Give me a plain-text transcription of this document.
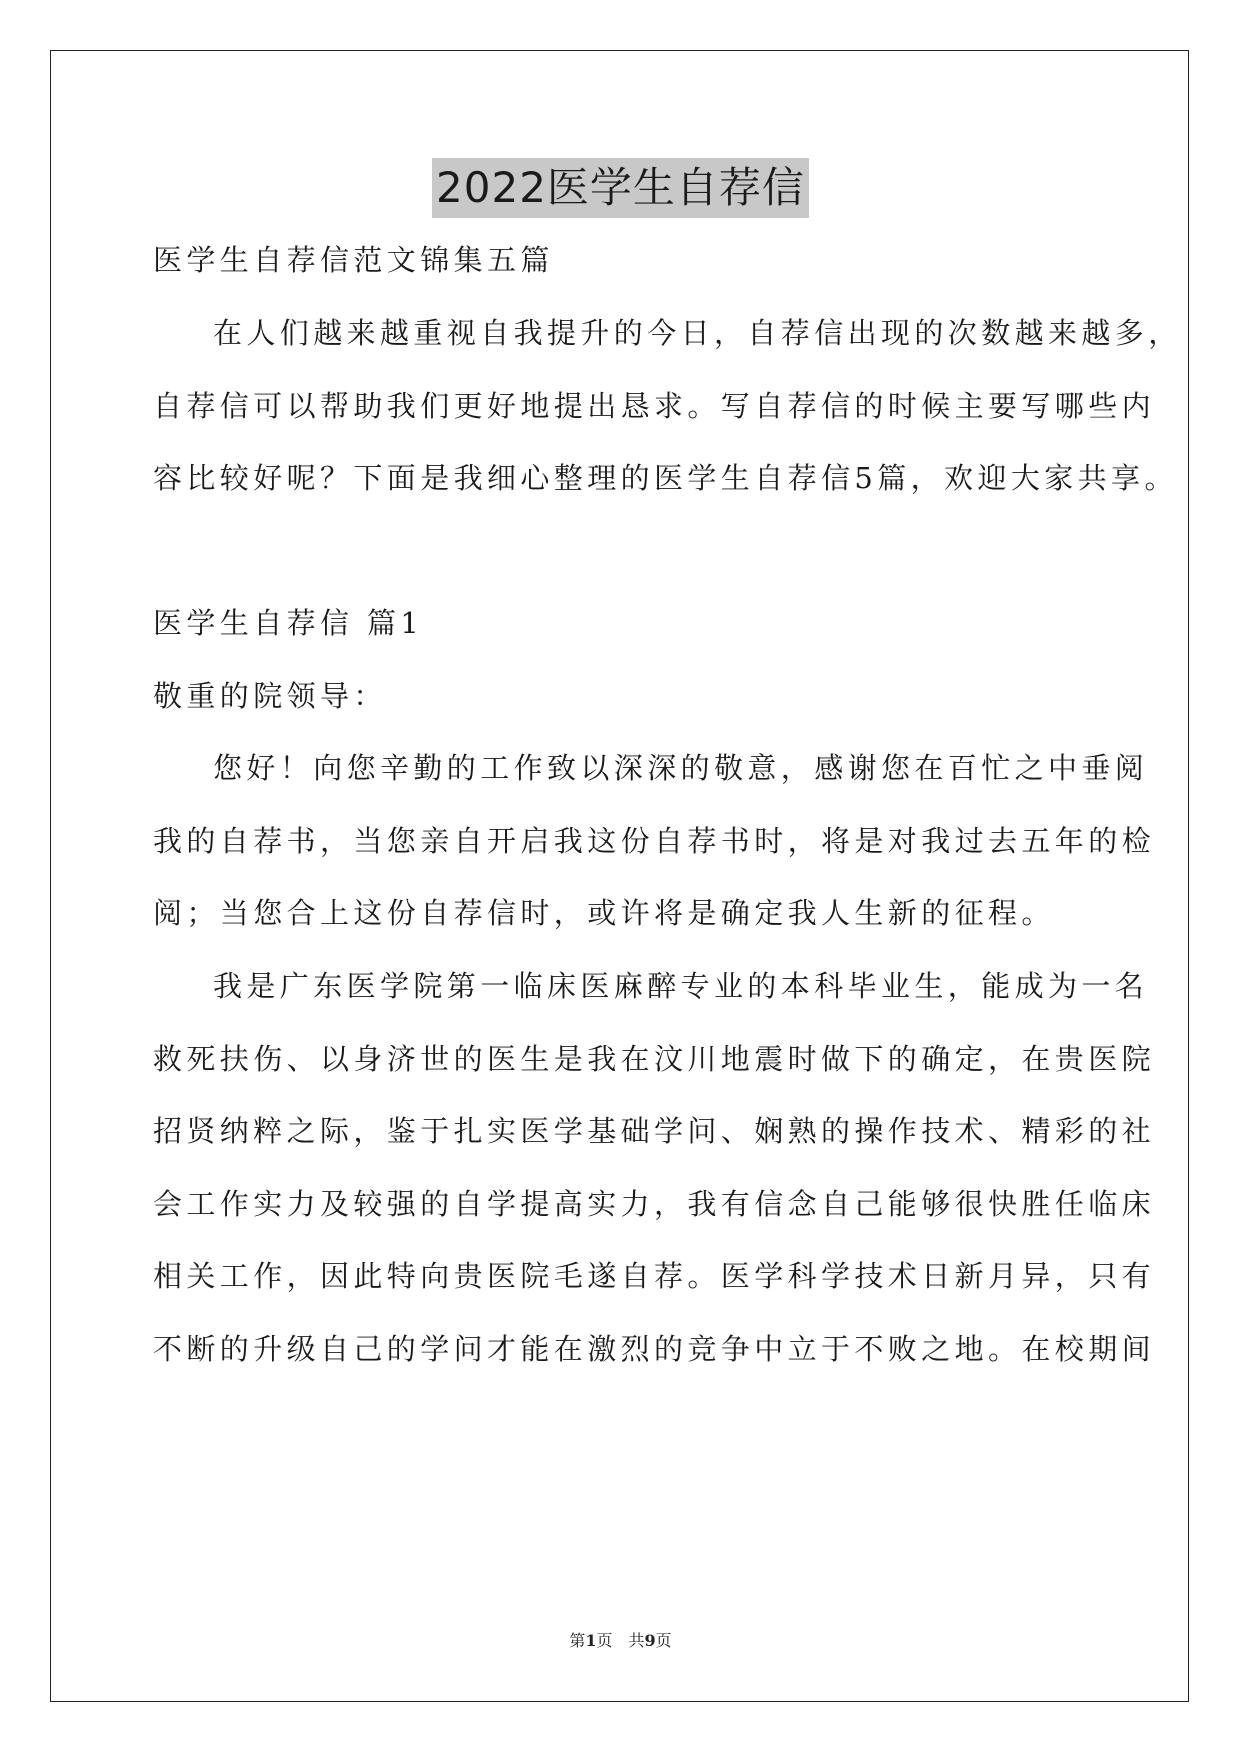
2022医学生自荐信
医学生自荐信范文锦集五篇
在人们越来越重视自我提升的今日，自荐信出现的次数越来越多，
自荐信可以帮助我们更好地提出恳求。写自荐信的时候主要写哪些内
容比较好呢？下面是我细心整理的医学生自荐信5篇，欢迎大家共享。
医学生自荐信 篇1
敬重的院领导：
您好！向您辛勤的工作致以深深的敬意，感谢您在百忙之中垂阅
我的自荐书，当您亲自开启我这份自荐书时，将是对我过去五年的检
阅；当您合上这份自荐信时，或许将是确定我人生新的征程。
我是广东医学院第一临床医麻醉专业的本科毕业生，能成为一名
救死扶伤、以身济世的医生是我在汶川地震时做下的确定，在贵医院
招贤纳粹之际，鉴于扎实医学基础学问、娴熟的操作技术、精彩的社
会工作实力及较强的自学提高实力，我有信念自己能够很快胜任临床
相关工作，因此特向贵医院毛遂自荐。医学科学技术日新月异，只有
不断的升级自己的学问才能在激烈的竞争中立于不败之地。在校期间
第1页　共9页
